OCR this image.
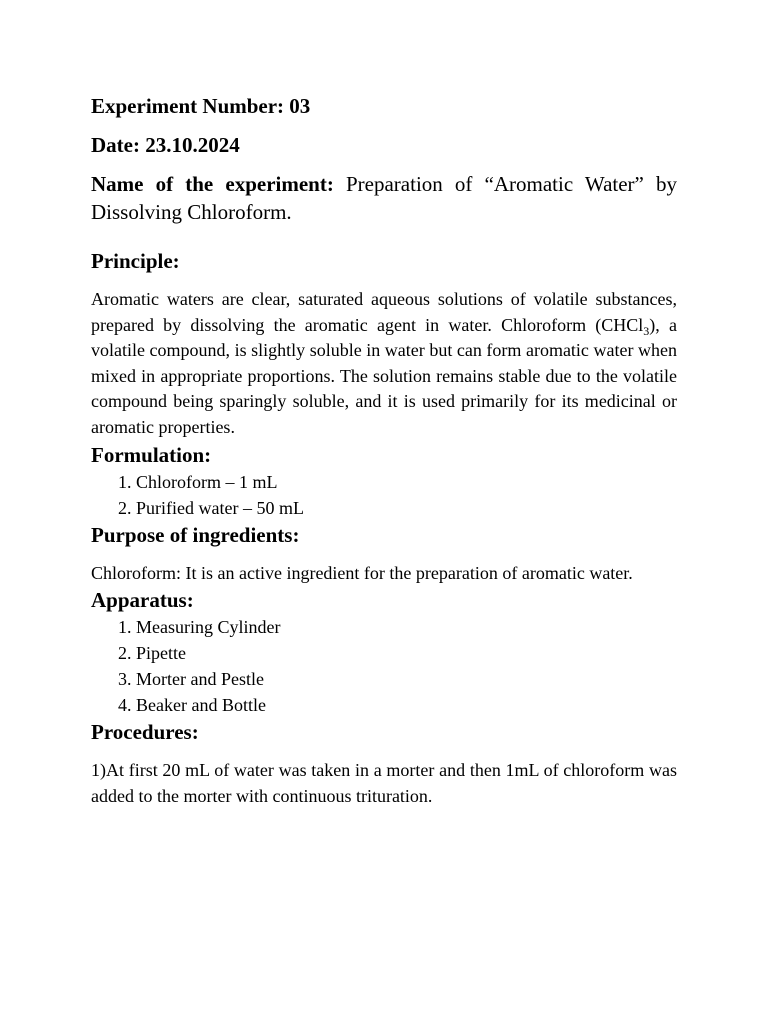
Experiment Number: 03

Date: 23.10.2024

Name of the experiment: Preparation of “Aromatic Water” by Dissolving Chloroform.

Principle:

Aromatic waters are clear, saturated aqueous solutions of volatile substances, prepared by dissolving the aromatic agent in water. Chloroform (CHCl$_3$), a volatile compound, is slightly soluble in water but can form aromatic water when mixed in appropriate proportions. The solution remains stable due to the volatile compound being sparingly soluble, and it is used primarily for its medicinal or aromatic properties.

Formulation:
1. Chloroform – 1 mL
2. Purified water – 50 mL
Purpose of ingredients:

Chloroform: It is an active ingredient for the preparation of aromatic water.

Apparatus:
1. Measuring Cylinder
2. Pipette
3. Morter and Pestle
4. Beaker and Bottle
Procedures:

1)At first 20 mL of water was taken in a morter and then 1mL of chloroform was added to the morter with continuous trituration.
